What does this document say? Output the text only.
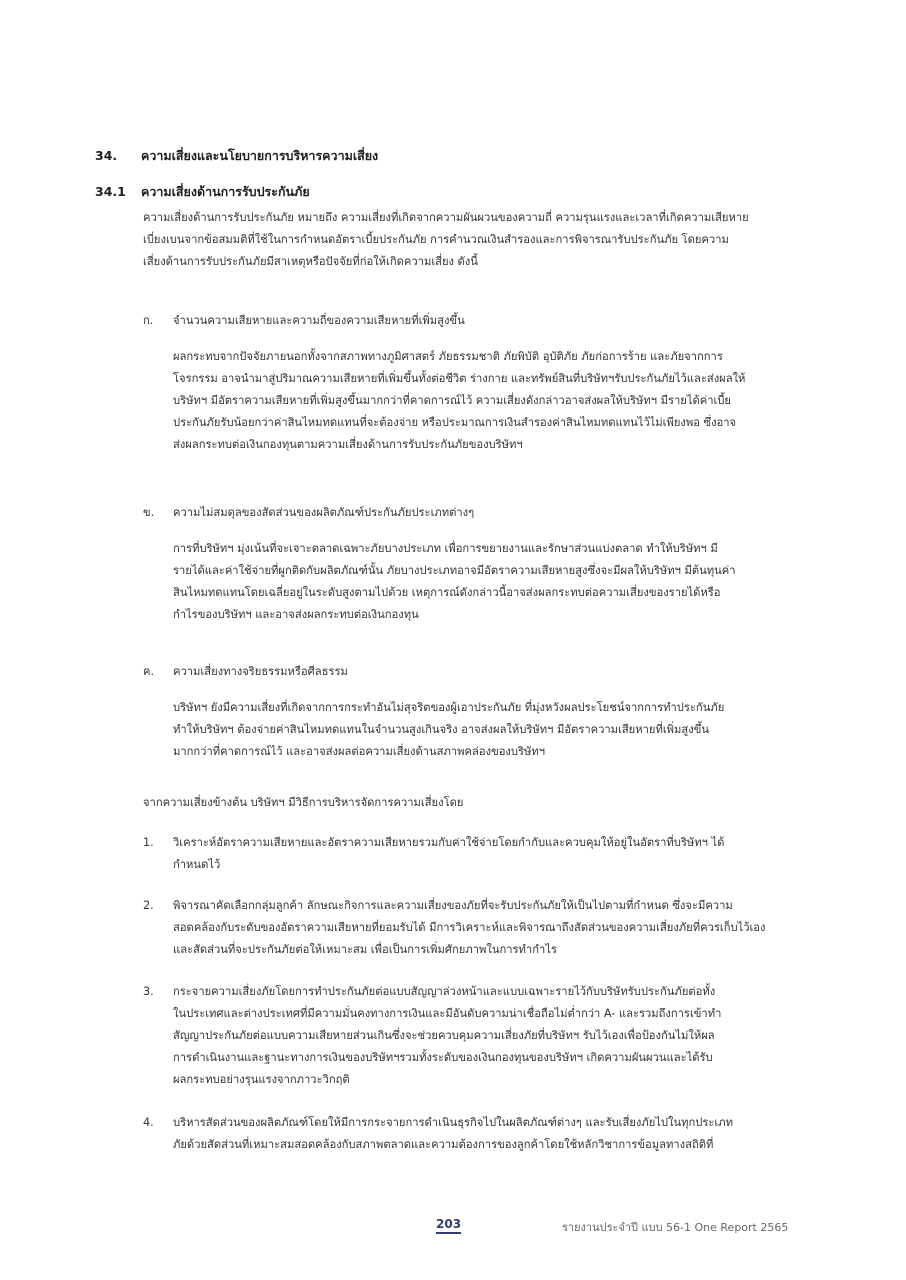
34. ความเสี่ยงและนโยบายการบริหารความเสี่ยง
34.1 ความเสี่ยงด้านการรับประกันภัย
ความเสี่ยงด้านการรับประกันภัย หมายถึง ความเสี่ยงที่เกิดจากความผันผวนของความถี่ ความรุนแรงและเวลาที่เกิดความเสียหาย
เบี่ยงเบนจากข้อสมมติที่ใช้ในการกำหนดอัตราเบี้ยประกันภัย การคำนวณเงินสำรองและการพิจารณารับประกันภัย โดยความ
เสี่ยงด้านการรับประกันภัยมีสาเหตุหรือปัจจัยที่ก่อให้เกิดความเสี่ยง ดังนี้
ก. จำนวนความเสียหายและความถี่ของความเสียหายที่เพิ่มสูงขึ้น
ผลกระทบจากปัจจัยภายนอกทั้งจากสภาพทางภูมิศาสตร์ ภัยธรรมชาติ ภัยพิบัติ อุบัติภัย ภัยก่อการร้าย และภัยจากการ
โจรกรรม อาจนำมาสู่ปริมาณความเสียหายที่เพิ่มขึ้นทั้งต่อชีวิต ร่างกาย และทรัพย์สินที่บริษัทฯรับประกันภัยไว้และส่งผลให้
บริษัทฯ มีอัตราความเสียหายที่เพิ่มสูงขึ้นมากกว่าที่คาดการณ์ไว้ ความเสี่ยงดังกล่าวอาจส่งผลให้บริษัทฯ มีรายได้ค่าเบี้ย
ประกันภัยรับน้อยกว่าค่าสินไหมทดแทนที่จะต้องจ่าย หรือประมาณการเงินสำรองค่าสินไหมทดแทนไว้ไม่เพียงพอ ซึ่งอาจ
ส่งผลกระทบต่อเงินกองทุนตามความเสี่ยงด้านการรับประกันภัยของบริษัทฯ
ข. ความไม่สมดุลของสัดส่วนของผลิตภัณฑ์ประกันภัยประเภทต่างๆ
การที่บริษัทฯ มุ่งเน้นที่จะเจาะตลาดเฉพาะภัยบางประเภท เพื่อการขยายงานและรักษาส่วนแบ่งตลาด ทำให้บริษัทฯ มี
รายได้และค่าใช้จ่ายที่ผูกติดกับผลิตภัณฑ์นั้น ภัยบางประเภทอาจมีอัตราความเสียหายสูงซึ่งจะมีผลให้บริษัทฯ มีต้นทุนค่า
สินไหมทดแทนโดยเฉลี่ยอยู่ในระดับสูงตามไปด้วย เหตุการณ์ดังกล่าวนี้อาจส่งผลกระทบต่อความเสี่ยงของรายได้หรือ
กำไรของบริษัทฯ และอาจส่งผลกระทบต่อเงินกองทุน
ค. ความเสี่ยงทางจริยธรรมหรือศีลธรรม
บริษัทฯ ยังมีความเสี่ยงที่เกิดจากการกระทำอันไม่สุจริตของผู้เอาประกันภัย ที่มุ่งหวังผลประโยชน์จากการทำประกันภัย
ทำให้บริษัทฯ ต้องจ่ายค่าสินไหมทดแทนในจำนวนสูงเกินจริง อาจส่งผลให้บริษัทฯ มีอัตราความเสียหายที่เพิ่มสูงขึ้น
มากกว่าที่คาดการณ์ไว้ และอาจส่งผลต่อความเสี่ยงด้านสภาพคล่องของบริษัทฯ
จากความเสี่ยงข้างต้น บริษัทฯ มีวิธีการบริหารจัดการความเสี่ยงโดย
1. วิเคราะห์อัตราความเสียหายและอัตราความเสียหายรวมกับค่าใช้จ่ายโดยกำกับและควบคุมให้อยู่ในอัตราที่บริษัทฯ ได้
กำหนดไว้
2. พิจารณาคัดเลือกกลุ่มลูกค้า ลักษณะกิจการและความเสี่ยงของภัยที่จะรับประกันภัยให้เป็นไปตามที่กำหนด ซึ่งจะมีความ
สอดคล้องกับระดับของอัตราความเสียหายที่ยอมรับได้ มีการวิเคราะห์และพิจารณาถึงสัดส่วนของความเสี่ยงภัยที่ควรเก็บไว้เอง
และสัดส่วนที่จะประกันภัยต่อให้เหมาะสม เพื่อเป็นการเพิ่มศักยภาพในการทำกำไร
3. กระจายความเสี่ยงภัยโดยการทำประกันภัยต่อแบบสัญญาล่วงหน้าและแบบเฉพาะรายไว้กับบริษัทรับประกันภัยต่อทั้ง
ในประเทศและต่างประเทศที่มีความมั่นคงทางการเงินและมีอันดับความน่าเชื่อถือไม่ต่ำกว่า A- และรวมถึงการเข้าทำ
สัญญาประกันภัยต่อแบบความเสียหายส่วนเกินซึ่งจะช่วยควบคุมความเสี่ยงภัยที่บริษัทฯ รับไว้เองเพื่อป้องกันไม่ให้ผล
การดำเนินงานและฐานะทางการเงินของบริษัทฯรวมทั้งระดับของเงินกองทุนของบริษัทฯ เกิดความผันผวนและได้รับ
ผลกระทบอย่างรุนแรงจากภาวะวิกฤติ
4. บริหารสัดส่วนของผลิตภัณฑ์โดยให้มีการกระจายการดำเนินธุรกิจไปในผลิตภัณฑ์ต่างๆ และรับเสี่ยงภัยไปในทุกประเภท
ภัยด้วยสัดส่วนที่เหมาะสมสอดคล้องกับสภาพตลาดและความต้องการของลูกค้าโดยใช้หลักวิชาการข้อมูลทางสถิติที่
203	รายงานประจำปี แบบ 56-1 One Report 2565
